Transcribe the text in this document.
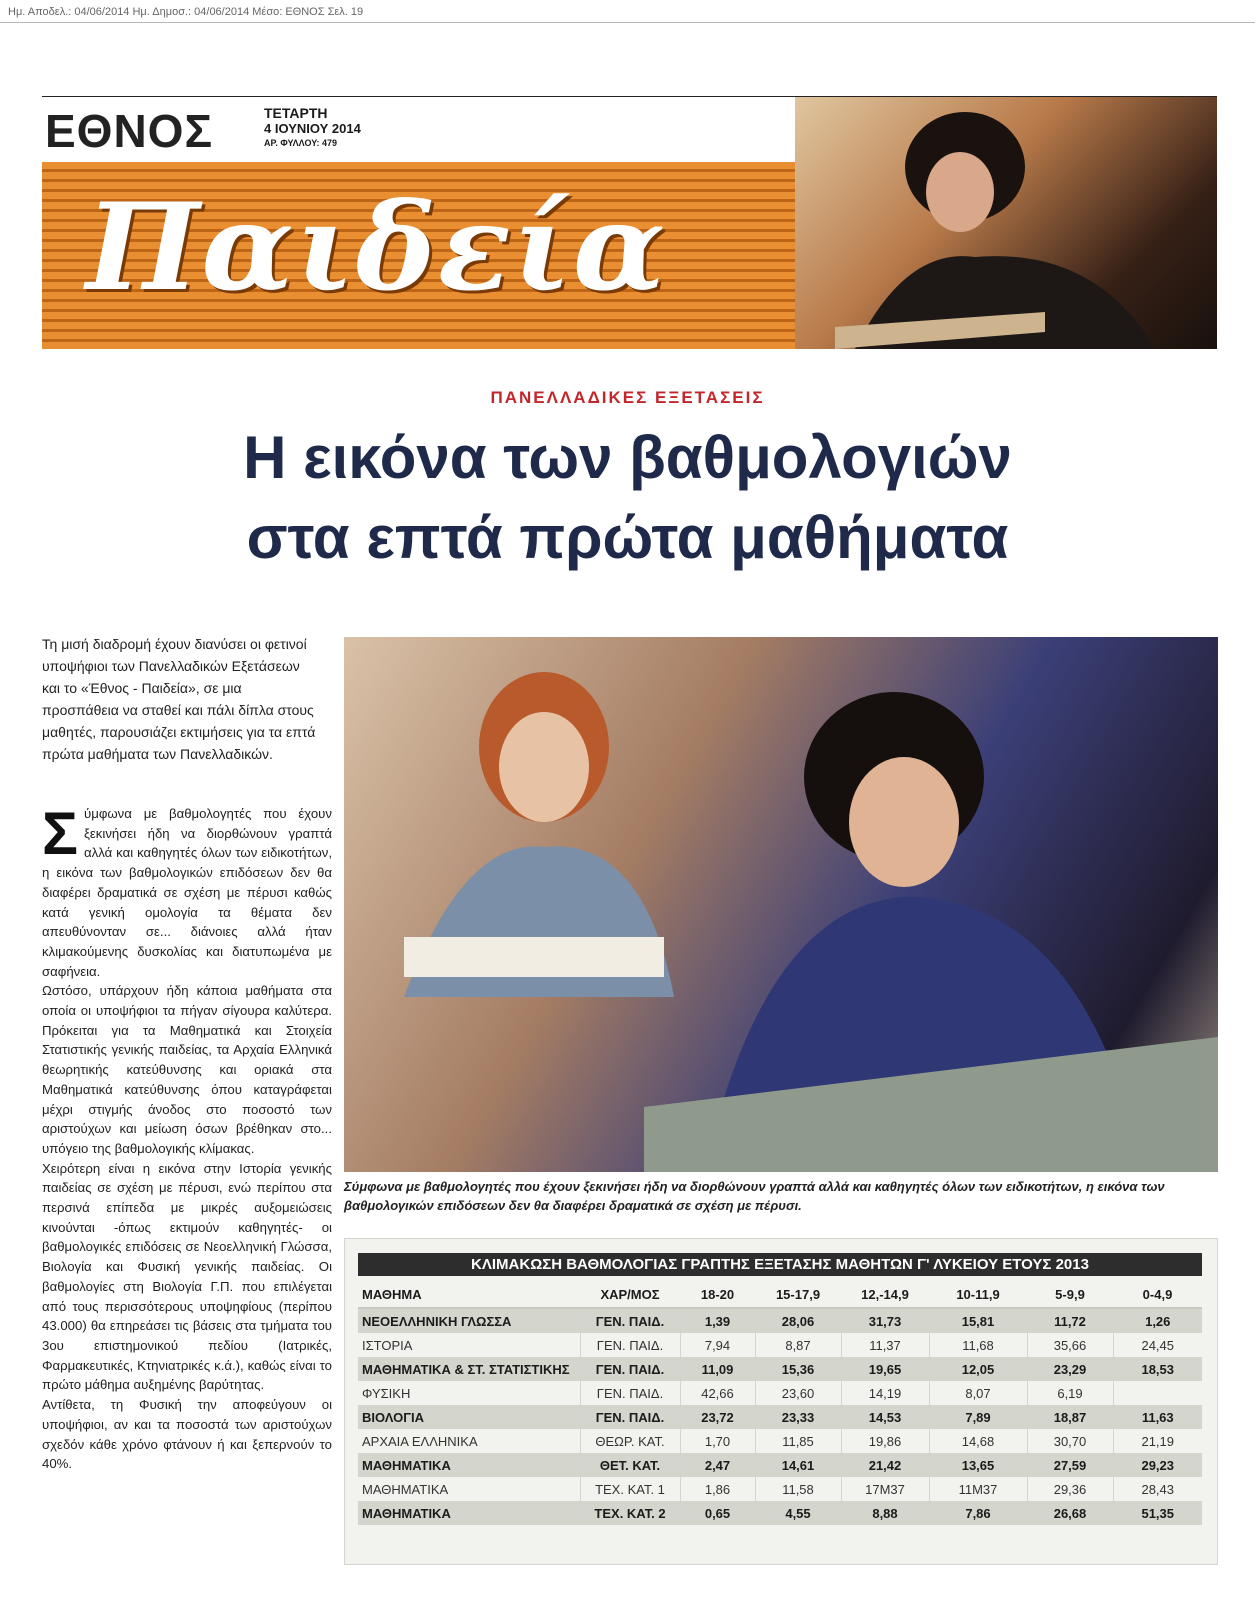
Ημ. Αποδελ.: 04/06/2014 Ημ. Δημοσ.: 04/06/2014 Μέσο: ΕΘΝΟΣ Σελ. 19
ΕΘΝΟΣ	ΤΕΤΑΡΤΗ
4 ΙΟΥΝΙΟΥ 2014
ΑΡ. ΦΥΛΛΟΥ: 479
Παιδεία
ΠΑΝΕΛΛΑΔΙΚΕΣ ΕΞΕΤΑΣΕΙΣ
Η εικόνα των βαθμολογιών
στα επτά πρώτα μαθήματα
Τη μισή διαδρομή έχουν διανύσει οι φετινοί υποψήφιοι των Πανελλαδικών Εξετάσεων και το «Έθνος - Παιδεία», σε μια προσπάθεια να σταθεί και πάλι δίπλα στους μαθητές, παρουσιάζει εκτιμήσεις για τα επτά πρώτα μαθήματα των Πανελλαδικών.

Σύμφωνα με βαθμολογητές που έχουν ξεκινήσει ήδη να διορθώνουν γραπτά αλλά και καθηγητές όλων των ειδικοτήτων, η εικόνα των βαθμολογικών επιδόσεων δεν θα διαφέρει δραματικά σε σχέση με πέρυσι καθώς κατά γενική ομολογία τα θέματα δεν απευθύνονταν σε... διάνοιες αλλά ήταν κλιμακούμενης δυσκολίας και διατυπωμένα με σαφήνεια.

Ωστόσο, υπάρχουν ήδη κάποια μαθήματα στα οποία οι υποψήφιοι τα πήγαν σίγουρα καλύτερα. Πρόκειται για τα Μαθηματικά και Στοιχεία Στατιστικής γενικής παιδείας, τα Αρχαία Ελληνικά θεωρητικής κατεύθυνσης και οριακά στα Μαθηματικά κατεύθυνσης όπου καταγράφεται μέχρι στιγμής άνοδος στο ποσοστό των αριστούχων και μείωση όσων βρέθηκαν στο... υπόγειο της βαθμολογικής κλίμακας.

Χειρότερη είναι η εικόνα στην Ιστορία γενικής παιδείας σε σχέση με πέρυσι, ενώ περίπου στα περσινά επίπεδα με μικρές αυξομειώσεις κινούνται -όπως εκτιμούν καθηγητές- οι βαθμολογικές επιδόσεις σε Νεοελληνική Γλώσσα, Βιολογία και Φυσική γενικής παιδείας. Οι βαθμολογίες στη Βιολογία Γ.Π. που επιλέγεται από τους περισσότερους υποψηφίους (περίπου 43.000) θα επηρεάσει τις βάσεις στα τμήματα του 3ου επιστημονικού πεδίου (Ιατρικές, Φαρμακευτικές, Κτηνιατρικές κ.ά.), καθώς είναι το πρώτο μάθημα αυξημένης βαρύτητας.

Αντίθετα, τη Φυσική την αποφεύγουν οι υποψήφιοι, αν και τα ποσοστά των αριστούχων σχεδόν κάθε χρόνο φτάνουν ή και ξεπερνούν το 40%.

Σύμφωνα με βαθμολογητές που έχουν ξεκινήσει ήδη να διορθώνουν γραπτά αλλά και καθηγητές όλων των ειδικοτήτων, η εικόνα των βαθμολογικών επιδόσεων δεν θα διαφέρει δραματικά σε σχέση με πέρυσι.
ΚΛΙΜΑΚΩΣΗ ΒΑΘΜΟΛΟΓΙΑΣ ΓΡΑΠΤΗΣ ΕΞΕΤΑΣΗΣ ΜΑΘΗΤΩΝ Γ' ΛΥΚΕΙΟΥ ΕΤΟΥΣ 2013
ΜΑΘΗΜΑ	ΧΑΡ/ΜΟΣ	18-20	15-17,9	12,-14,9	10-11,9	5-9,9	0-4,9
ΝΕΟΕΛΛΗΝΙΚΗ ΓΛΩΣΣΑ	ΓΕΝ. ΠΑΙΔ.	1,39	28,06	31,73	15,81	11,72	1,26
ΙΣΤΟΡΙΑ	ΓΕΝ. ΠΑΙΔ.	7,94	8,87	11,37	11,68	35,66	24,45
ΜΑΘΗΜΑΤΙΚΑ & ΣΤ. ΣΤΑΤΙΣΤΙΚΗΣ	ΓΕΝ. ΠΑΙΔ.	11,09	15,36	19,65	12,05	23,29	18,53
ΦΥΣΙΚΗ	ΓΕΝ. ΠΑΙΔ.	42,66	23,60	14,19	8,07	6,19	
ΒΙΟΛΟΓΙΑ	ΓΕΝ. ΠΑΙΔ.	23,72	23,33	14,53	7,89	18,87	11,63
ΑΡΧΑΙΑ ΕΛΛΗΝΙΚΑ	ΘΕΩΡ. ΚΑΤ.	1,70	11,85	19,86	14,68	30,70	21,19
ΜΑΘΗΜΑΤΙΚΑ	ΘΕΤ. ΚΑΤ.	2,47	14,61	21,42	13,65	27,59	29,23
ΜΑΘΗΜΑΤΙΚΑ	ΤΕΧ. ΚΑΤ. 1	1,86	11,58	17Μ37	11Μ37	29,36	28,43
ΜΑΘΗΜΑΤΙΚΑ	ΤΕΧ. ΚΑΤ. 2	0,65	4,55	8,88	7,86	26,68	51,35
